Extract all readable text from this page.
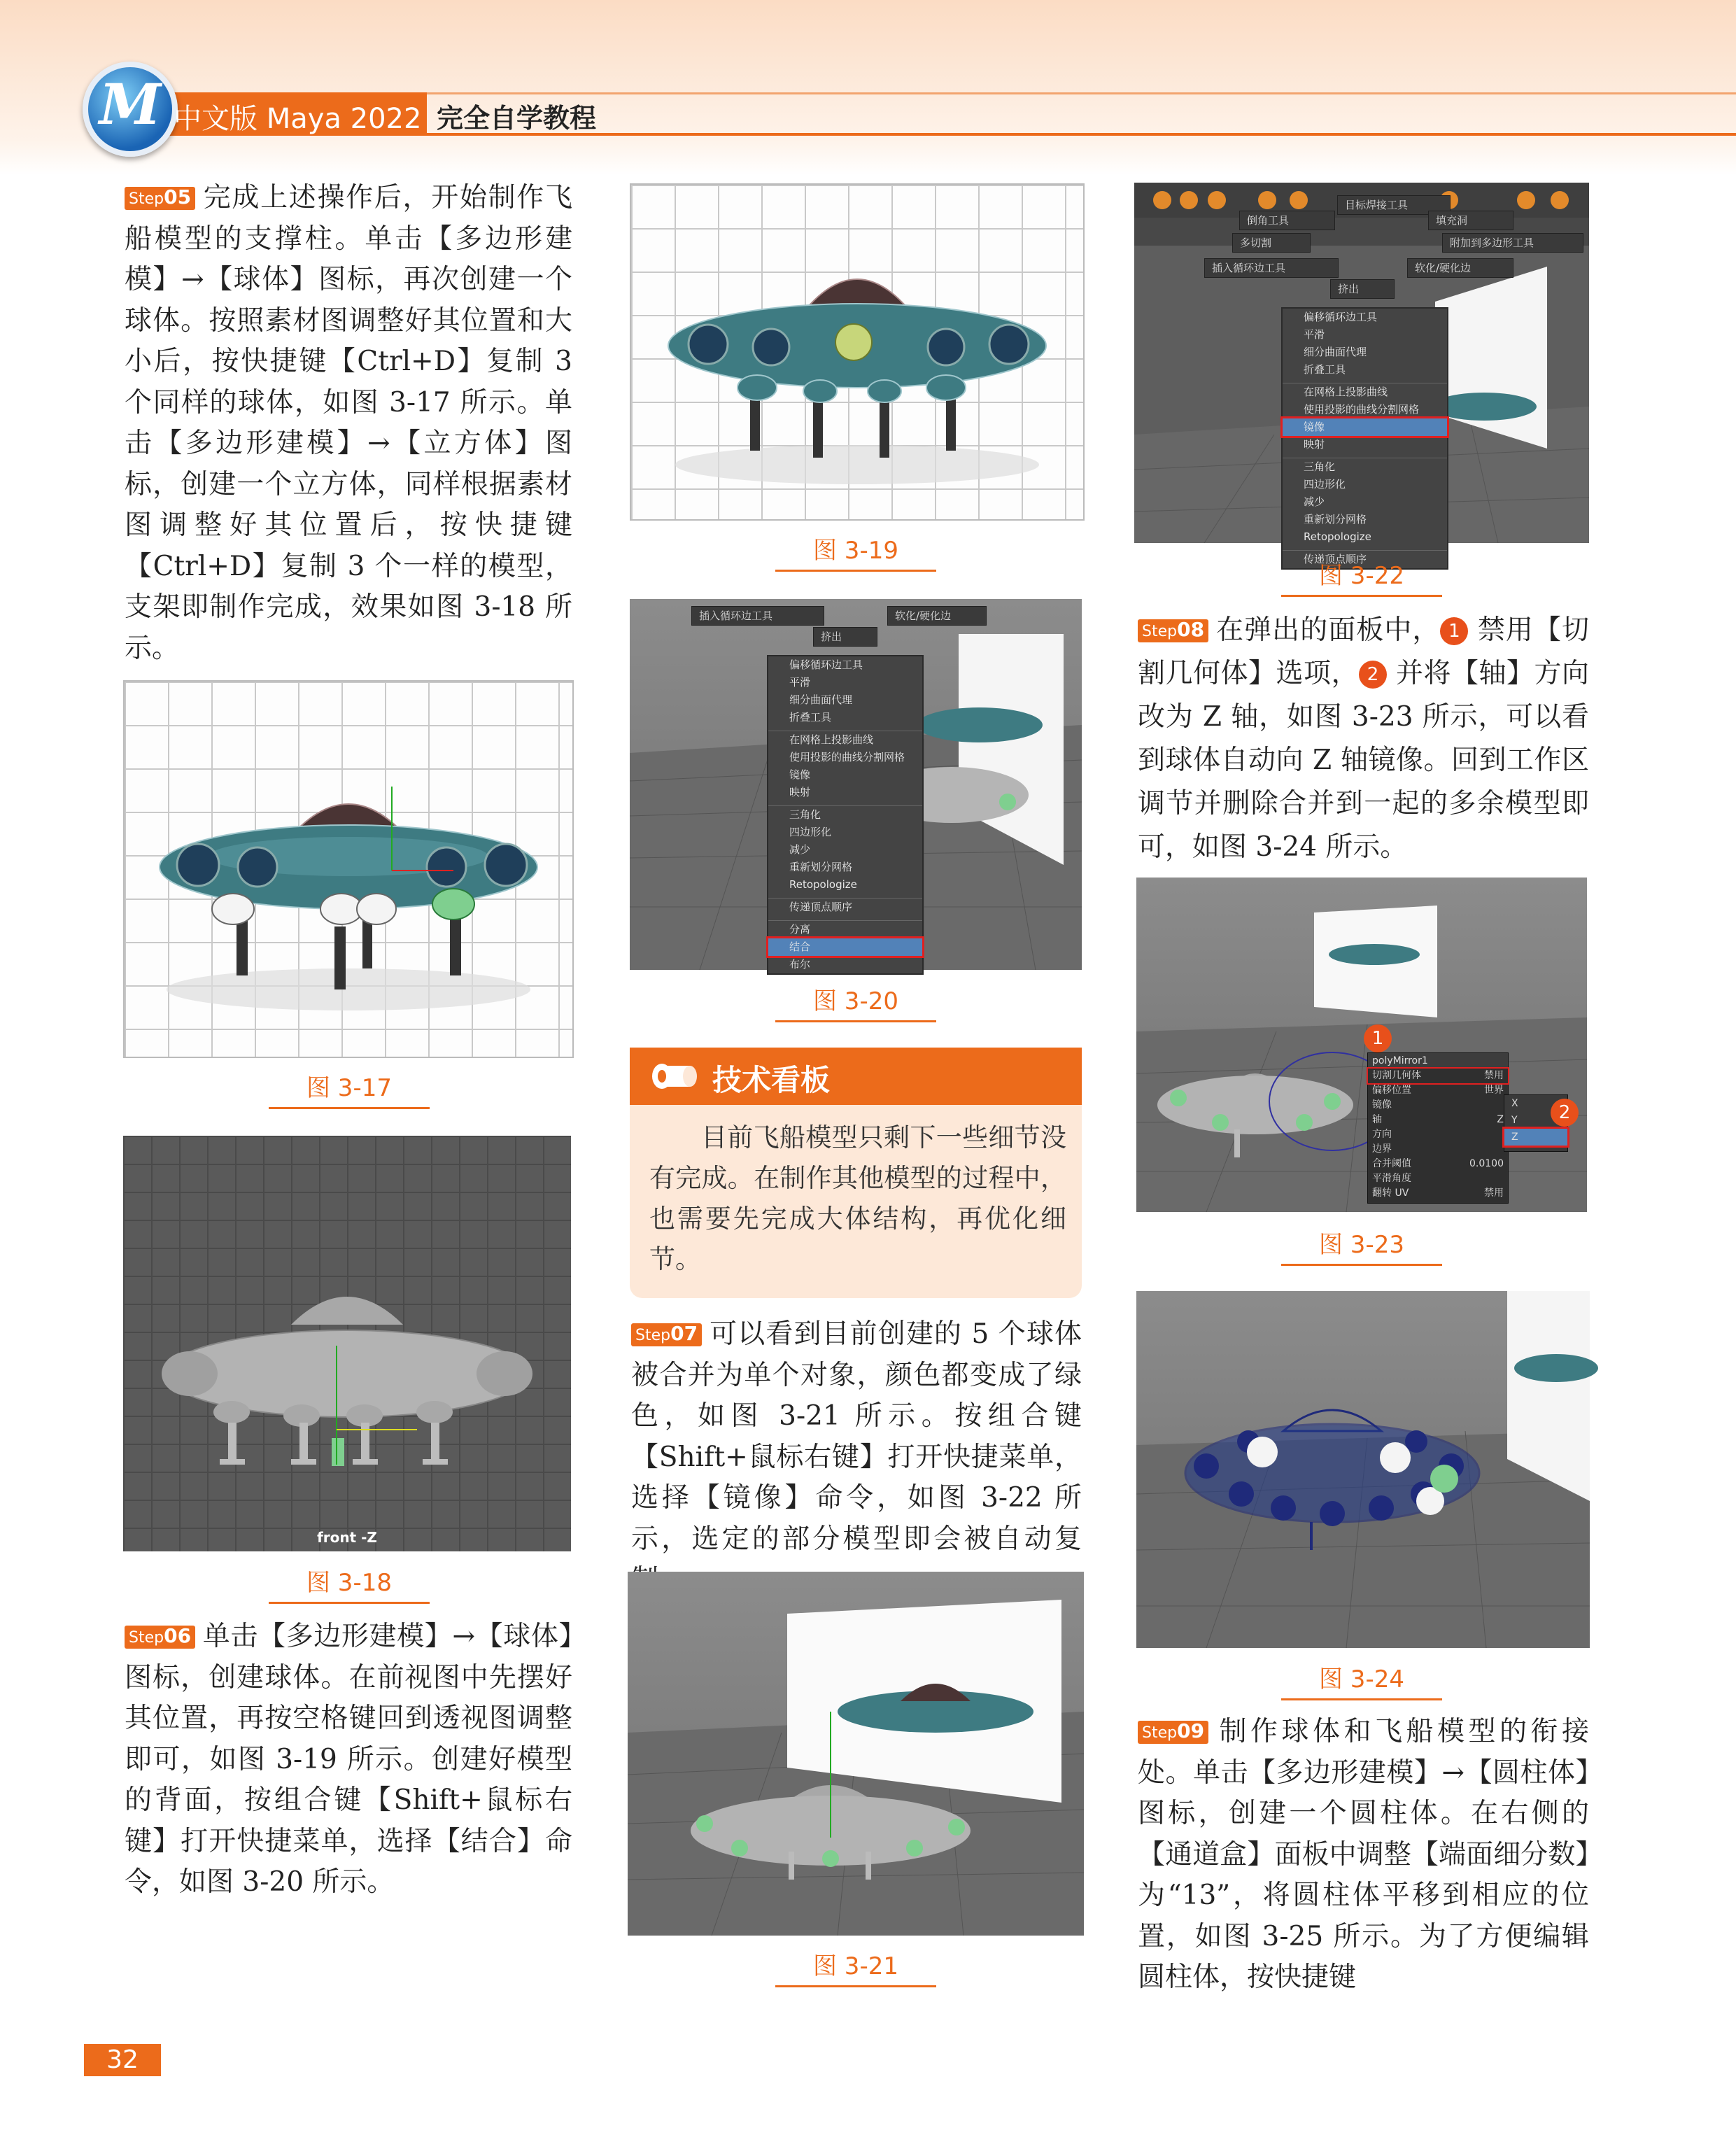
M 中文版 Maya 2022 完全自学教程

Step05 完成上述操作后，开始制作飞船模型的支撑柱。单击【多边形建模】→【球体】图标，再次创建一个球体。按照素材图调整好其位置和大小后，按快捷键【Ctrl+D】复制 3 个同样的球体，如图 3-17 所示。单击【多边形建模】→【立方体】图标，创建一个立方体，同样根据素材图调整好其位置后，按快捷键【Ctrl+D】复制 3 个一样的模型，支架即制作完成，效果如图 3-18 所示。

图 3-17
front -Z
图 3-18

Step06 单击【多边形建模】→【球体】图标，创建球体。在前视图中先摆好其位置，再按空格键回到透视图调整即可，如图 3-19 所示。创建好模型的背面，按组合键【Shift+鼠标右键】打开快捷菜单，选择【结合】命令，如图 3-20 所示。

图 3-19
插入循环边工具	软化/硬化边
挤出
偏移循环边工具
平滑
细分曲面代理
折叠工具
在网格上投影曲线
使用投影的曲线分割网格
镜像
映射
三角化
四边形化
减少
重新划分网格
Retopologize
传递顶点顺序
分离
结合
布尔
图 3-20
技术看板

目前飞船模型只剩下一些细节没有完成。在制作其他模型的过程中，也需要先完成大体结构，再优化细节。

Step07 可以看到目前创建的 5 个球体被合并为单个对象，颜色都变成了绿色，如图 3-21 所示。按组合键【Shift+鼠标右键】打开快捷菜单，选择【镜像】命令，如图 3-22 所示，选定的部分模型即会被自动复

图 3-21
倒角工具
目标焊接工具
填充洞
多切割	附加到多边形工具
插入循环边工具	软化/硬化边
挤出
偏移循环边工具
平滑
细分曲面代理
折叠工具
在网格上投影曲线
使用投影的曲线分割网格
镜像
映射
三角化
四边形化
减少
重新划分网格
Retopologize
传递顶点顺序
图 3-22

Step08 在弹出的面板中， 1 禁用【切割几何体】选项， 2 并将【轴】方向改为 Z 轴，如图 3-23 所示，可以看到球体自动向 Z 轴镜像。回到工作区调节并删除合并到一起的多余模型即可，如图 3-24 所示。

polyMirror1
切割几何体	禁用
偏移位置	世界
镜像
轴	Z
方向
边界
合并阈值	0.0100
平滑角度
翻转 UV	禁用
X
Y
Z
1
2
图 3-23
图 3-24

Step09 制作球体和飞船模型的衔接处。单击【多边形建模】→【圆柱体】图标，创建一个圆柱体。在右侧的【通道盒】面板中调整【端面细分数】为“13”，将圆柱体平移到相应的位置，如图 3-25 所示。为了方便编辑圆柱体，按快捷键

32
